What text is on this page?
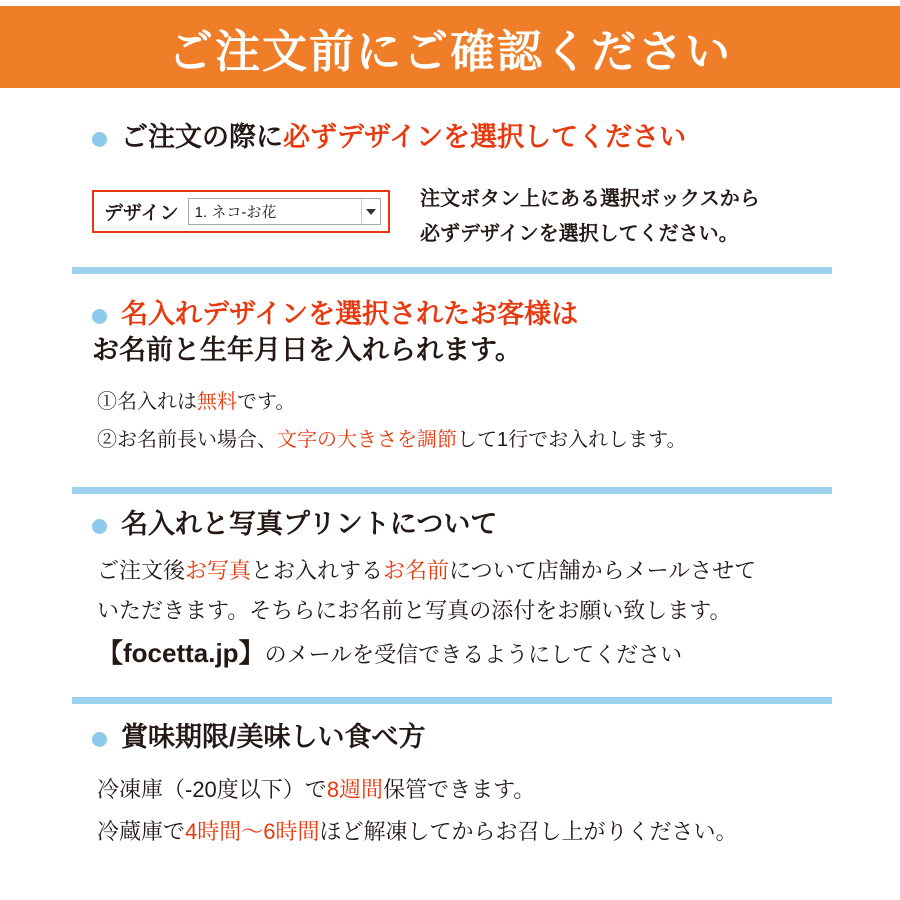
ご注文前にご確認ください
ご注文の際に必ずデザインを選択してください
デザイン	1. ネコ-お花
注文ボタン上にある選択ボックスから
必ずデザインを選択してください。
名入れデザインを選択されたお客様は
お名前と生年月日を入れられます。
①名入れは無料です。
②お名前長い場合、文字の大きさを調節して1行でお入れします。
名入れと写真プリントについて
ご注文後お写真とお入れするお名前について店舗からメールさせて
いただきます。そちらにお名前と写真の添付をお願い致します。
【focetta.jp】のメールを受信できるようにしてください
賞味期限/美味しい食べ方
冷凍庫（-20度以下）で8週間保管できます。
冷蔵庫で4時間～6時間ほど解凍してからお召し上がりください。
